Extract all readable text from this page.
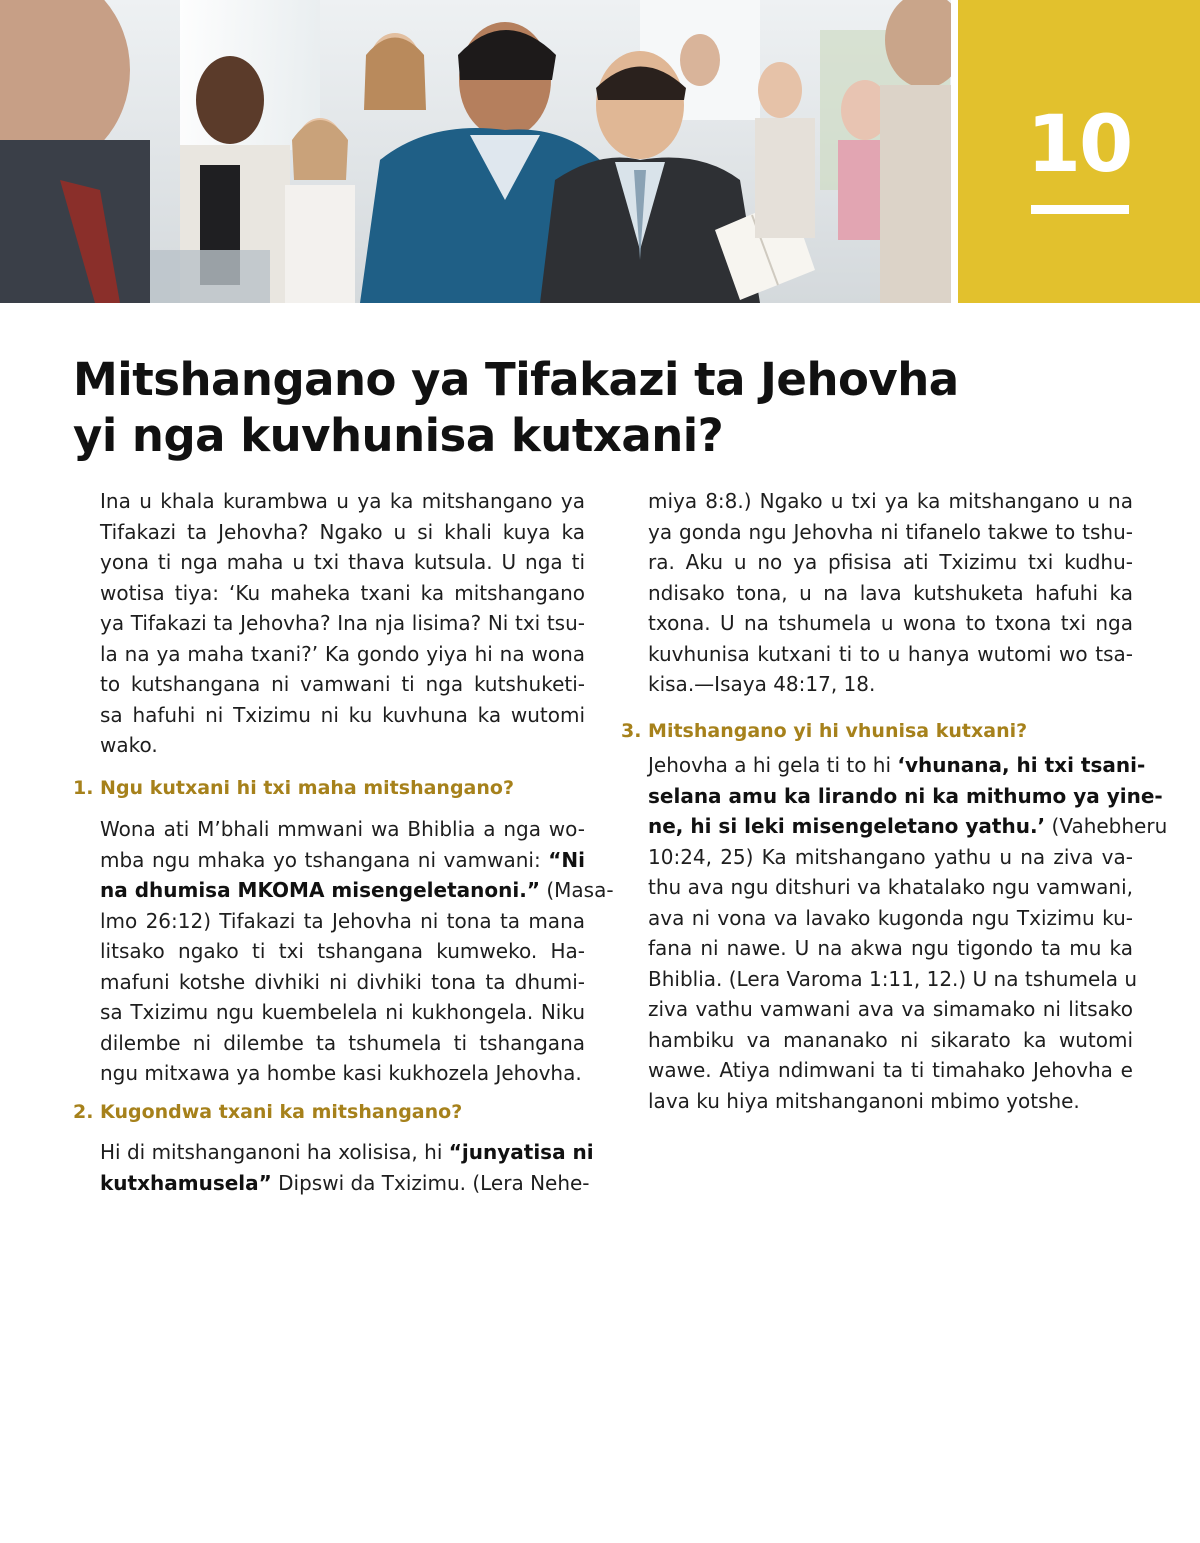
10
Mitshangano ya Tifakazi ta Jehovha
yi nga kuvhunisa kutxani?

Ina u khala kurambwa u ya ka mitshangano ya
Tifakazi ta Jehovha? Ngako u si khali kuya ka
yona ti nga maha u txi thava kutsula. U nga ti
wotisa tiya: ‘Ku maheka txani ka mitshangano
ya Tifakazi ta Jehovha? Ina nja lisima? Ni txi tsu-
la na ya maha txani?’ Ka gondo yiya hi na wona
to kutshangana ni vamwani ti nga kutshuketi-
sa hafuhi ni Txizimu ni ku kuvhuna ka wutomi
wako.

1. Ngu kutxani hi txi maha mitshangano?

Wona ati M’bhali mmwani wa Bhiblia a nga wo-
mba ngu mhaka yo tshangana ni vamwani: “Ni
na dhumisa MKOMA misengeletanoni.” (Masa-
lmo 26:12) Tifakazi ta Jehovha ni tona ta mana
litsako ngako ti txi tshangana kumweko. Ha-
mafuni kotshe divhiki ni divhiki tona ta dhumi-
sa Txizimu ngu kuembelela ni kukhongela. Niku
dilembe ni dilembe ta tshumela ti tshangana
ngu mitxawa ya hombe kasi kukhozela Jehovha.

2. Kugondwa txani ka mitshangano?

Hi di mitshanganoni ha xolisisa, hi “junyatisa ni
kutxhamusela” Dipswi da Txizimu. (Lera Nehe-

miya 8:8.) Ngako u txi ya ka mitshangano u na
ya gonda ngu Jehovha ni tifanelo takwe to tshu-
ra. Aku u no ya pfisisa ati Txizimu txi kudhu-
ndisako tona, u na lava kutshuketa hafuhi ka
txona. U na tshumela u wona to txona txi nga
kuvhunisa kutxani ti to u hanya wutomi wo tsa-
kisa.—Isaya 48:17, 18.

3. Mitshangano yi hi vhunisa kutxani?

Jehovha a hi gela ti to hi ‘vhunana, hi txi tsani-
selana amu ka lirando ni ka mithumo ya yine-
ne, hi si leki misengeletano yathu.’ (Vahebheru
10:24, 25) Ka mitshangano yathu u na ziva va-
thu ava ngu ditshuri va khatalako ngu vamwani,
ava ni vona va lavako kugonda ngu Txizimu ku-
fana ni nawe. U na akwa ngu tigondo ta mu ka
Bhiblia. (Lera Varoma 1:11, 12.) U na tshumela u
ziva vathu vamwani ava va simamako ni litsako
hambiku va mananako ni sikarato ka wutomi
wawe. Atiya ndimwani ta ti timahako Jehovha e
lava ku hiya mitshanganoni mbimo yotshe.
